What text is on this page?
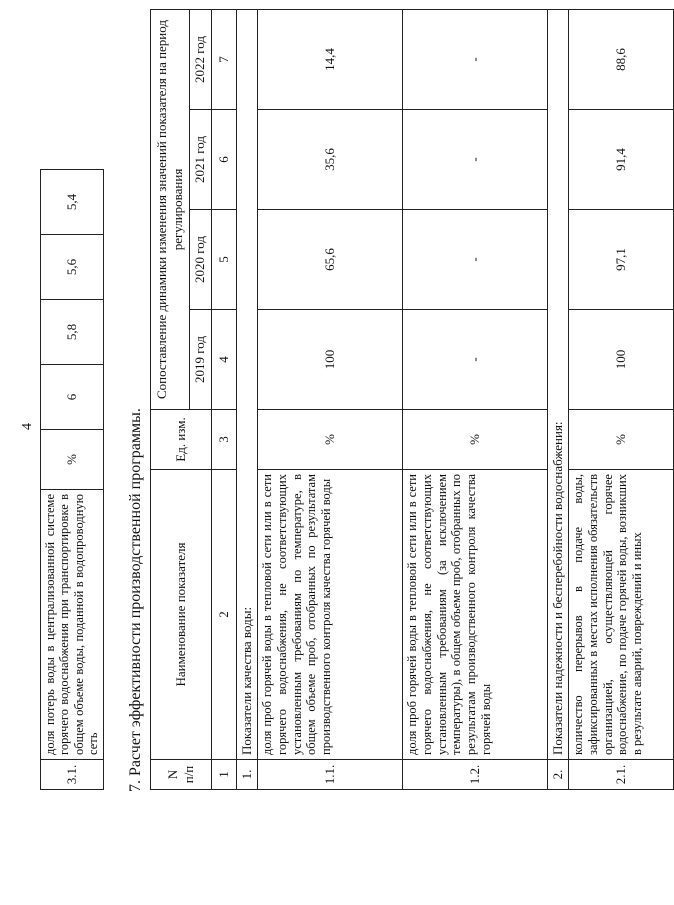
4
3.1.	доля потерь воды в централизованной системе горячего водоснабжения при транспортировке в общем объеме воды, поданной в водопроводную сеть	%	6	5,8	5,6	5,4
7. Расчет эффективности производственной программы. N п/п	Наименование показателя	Ед. изм.	Сопоставление динамики изменения значений показателя на период регулирования			
			2019 год	2020 год	2021 год	2022 год
1	2	3	4	5	6	7
1.	Показатели качества воды:					
1.1.	доля проб горячей воды в тепловой сети или в сети горячего водоснабжения, не соответствующих установленным требованиям по температуре, в общем объеме проб, отобранных по результатам производственного контроля качества горячей воды	%	100	65,6	35,6	14,4
1.2.	доля проб горячей воды в тепловой сети или в сети горячего водоснабжения, не соответствующих установленным требованиям (за исключением температуры), в общем объеме проб, отобранных по результатам производственного контроля качества горячей воды	%	-	-	-	-
2.	Показатели надежности и бесперебойности водоснабжения:					
2.1.	количество перерывов в подаче воды, зафиксированных в местах исполнения обязательств организацией, осуществляющей горячее водоснабжение, по подаче горячей воды, возникших в результате аварий, повреждений и иных	%	100	97,1	91,4	88,6
